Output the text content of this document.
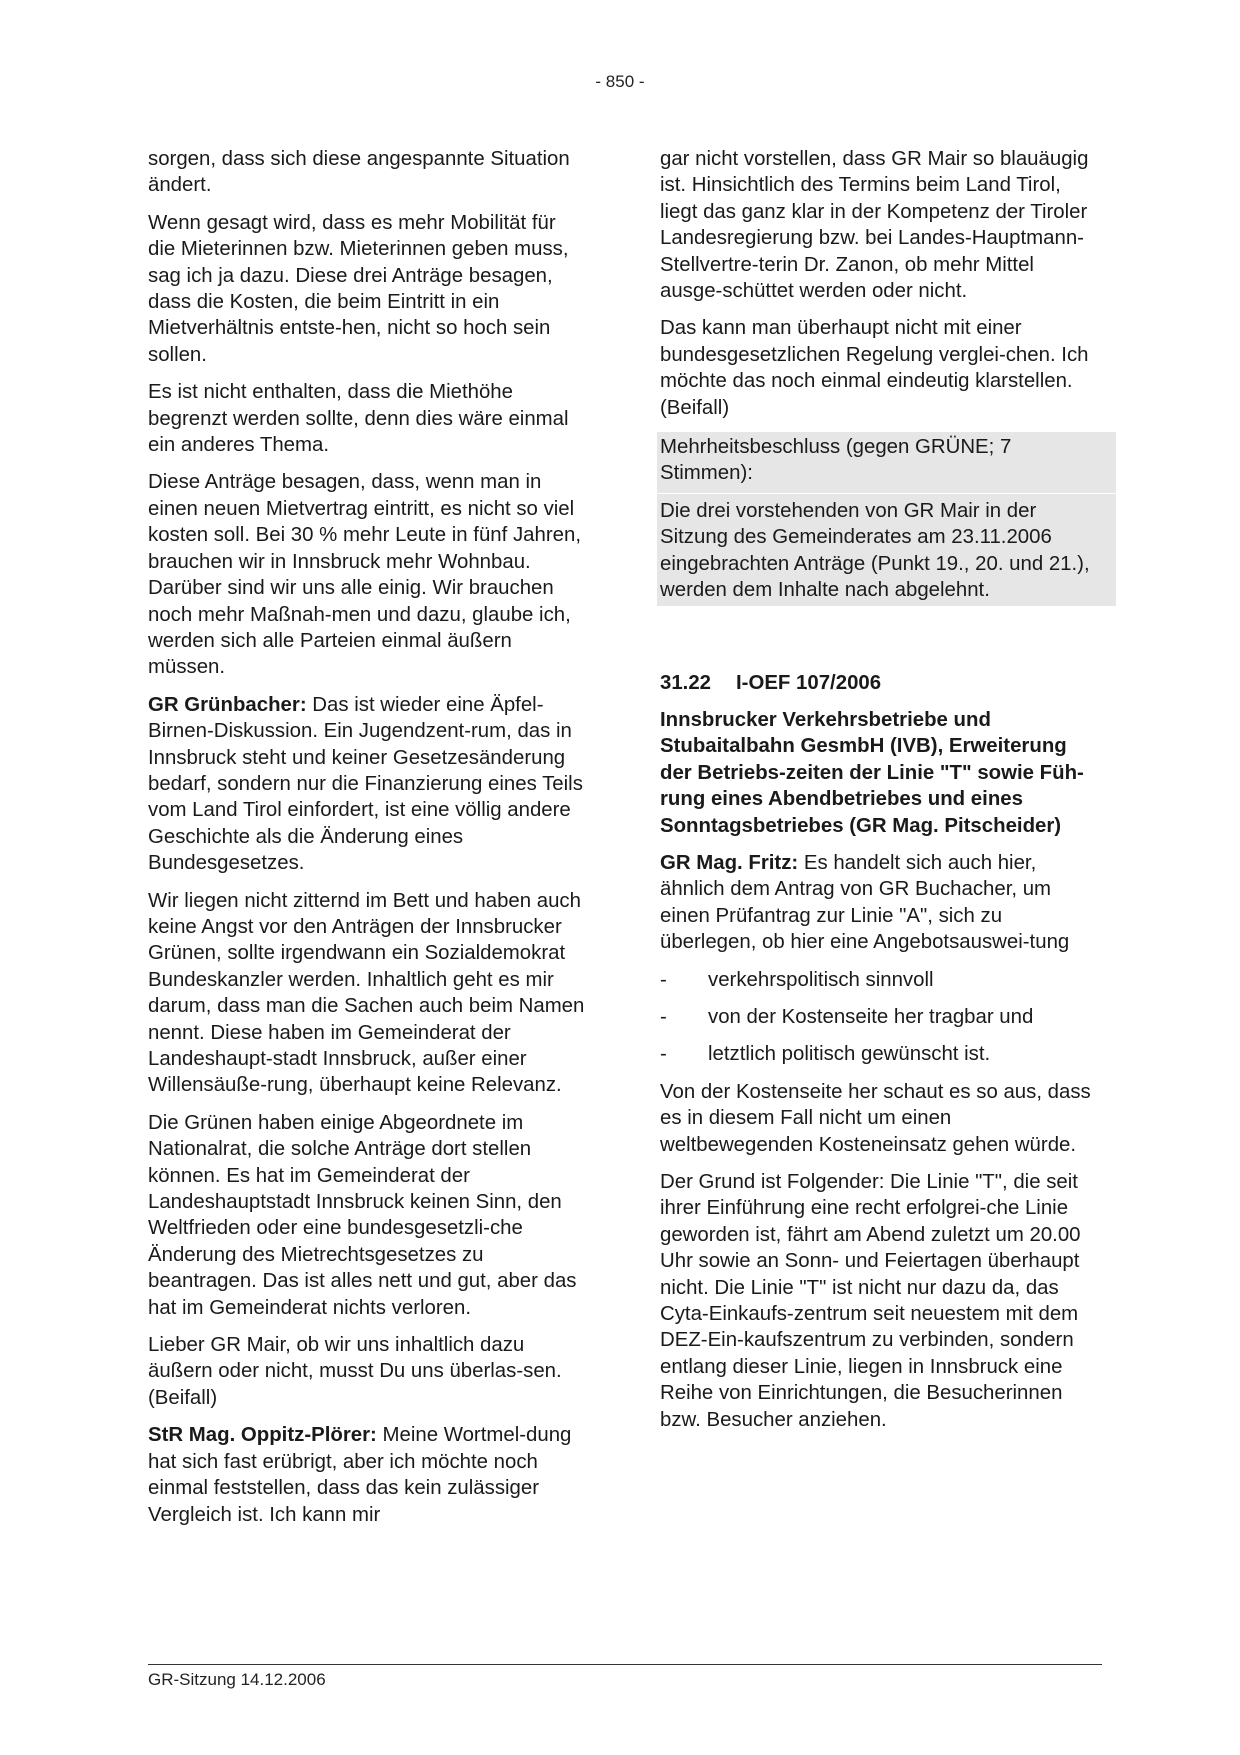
- 850 -

sorgen, dass sich diese angespannte Situation ändert.

Wenn gesagt wird, dass es mehr Mobilität für die Mieterinnen bzw. Mieterinnen geben muss, sag ich ja dazu. Diese drei Anträge besagen, dass die Kosten, die beim Eintritt in ein Mietverhältnis entste-hen, nicht so hoch sein sollen.

Es ist nicht enthalten, dass die Miethöhe begrenzt werden sollte, denn dies wäre einmal ein anderes Thema.

Diese Anträge besagen, dass, wenn man in einen neuen Mietvertrag eintritt, es nicht so viel kosten soll. Bei 30 % mehr Leute in fünf Jahren, brauchen wir in Innsbruck mehr Wohnbau. Darüber sind wir uns alle einig. Wir brauchen noch mehr Maßnah-men und dazu, glaube ich, werden sich alle Parteien einmal äußern müssen.

GR Grünbacher: Das ist wieder eine Äpfel-Birnen-Diskussion. Ein Jugendzent-rum, das in Innsbruck steht und keiner Gesetzesänderung bedarf, sondern nur die Finanzierung eines Teils vom Land Tirol einfordert, ist eine völlig andere Geschichte als die Änderung eines Bundesgesetzes.

Wir liegen nicht zitternd im Bett und haben auch keine Angst vor den Anträgen der Innsbrucker Grünen, sollte irgendwann ein Sozialdemokrat Bundeskanzler werden. Inhaltlich geht es mir darum, dass man die Sachen auch beim Namen nennt. Diese haben im Gemeinderat der Landeshaupt-stadt Innsbruck, außer einer Willensäuße-rung, überhaupt keine Relevanz.

Die Grünen haben einige Abgeordnete im Nationalrat, die solche Anträge dort stellen können. Es hat im Gemeinderat der Landeshauptstadt Innsbruck keinen Sinn, den Weltfrieden oder eine bundesgesetzli-che Änderung des Mietrechtsgesetzes zu beantragen. Das ist alles nett und gut, aber das hat im Gemeinderat nichts verloren.

Lieber GR Mair, ob wir uns inhaltlich dazu äußern oder nicht, musst Du uns überlas-sen. (Beifall)

StR Mag. Oppitz-Plörer: Meine Wortmel-dung hat sich fast erübrigt, aber ich möchte noch einmal feststellen, dass das kein zulässiger Vergleich ist. Ich kann mir

gar nicht vorstellen, dass GR Mair so blauäugig ist. Hinsichtlich des Termins beim Land Tirol, liegt das ganz klar in der Kompetenz der Tiroler Landesregierung bzw. bei Landes-Hauptmann-Stellvertre-terin Dr. Zanon, ob mehr Mittel ausge-schüttet werden oder nicht.

Das kann man überhaupt nicht mit einer bundesgesetzlichen Regelung verglei-chen. Ich möchte das noch einmal eindeutig klarstellen. (Beifall)

Mehrheitsbeschluss (gegen GRÜNE; 7 Stimmen):

Die drei vorstehenden von GR Mair in der Sitzung des Gemeinderates am 23.11.2006 eingebrachten Anträge (Punkt 19., 20. und 21.), werden dem Inhalte nach abgelehnt.

31.22	I-OEF 107/2006

Innsbrucker Verkehrsbetriebe und Stubaitalbahn GesmbH (IVB), Erweiterung der Betriebs-zeiten der Linie "T" sowie Füh-rung eines Abendbetriebes und eines Sonntagsbetriebes (GR Mag. Pitscheider)

GR Mag. Fritz: Es handelt sich auch hier, ähnlich dem Antrag von GR Buchacher, um einen Prüfantrag zur Linie "A", sich zu überlegen, ob hier eine Angebotsauswei-tung

-	verkehrspolitisch sinnvoll
-	von der Kostenseite her tragbar und
-	letztlich politisch gewünscht ist.

Von der Kostenseite her schaut es so aus, dass es in diesem Fall nicht um einen weltbewegenden Kosteneinsatz gehen würde.

Der Grund ist Folgender: Die Linie "T", die seit ihrer Einführung eine recht erfolgrei-che Linie geworden ist, fährt am Abend zuletzt um 20.00 Uhr sowie an Sonn- und Feiertagen überhaupt nicht. Die Linie "T" ist nicht nur dazu da, das Cyta-Einkaufs-zentrum seit neuestem mit dem DEZ-Ein-kaufszentrum zu verbinden, sondern entlang dieser Linie, liegen in Innsbruck eine Reihe von Einrichtungen, die Besucherinnen bzw. Besucher anziehen.

GR-Sitzung 14.12.2006
